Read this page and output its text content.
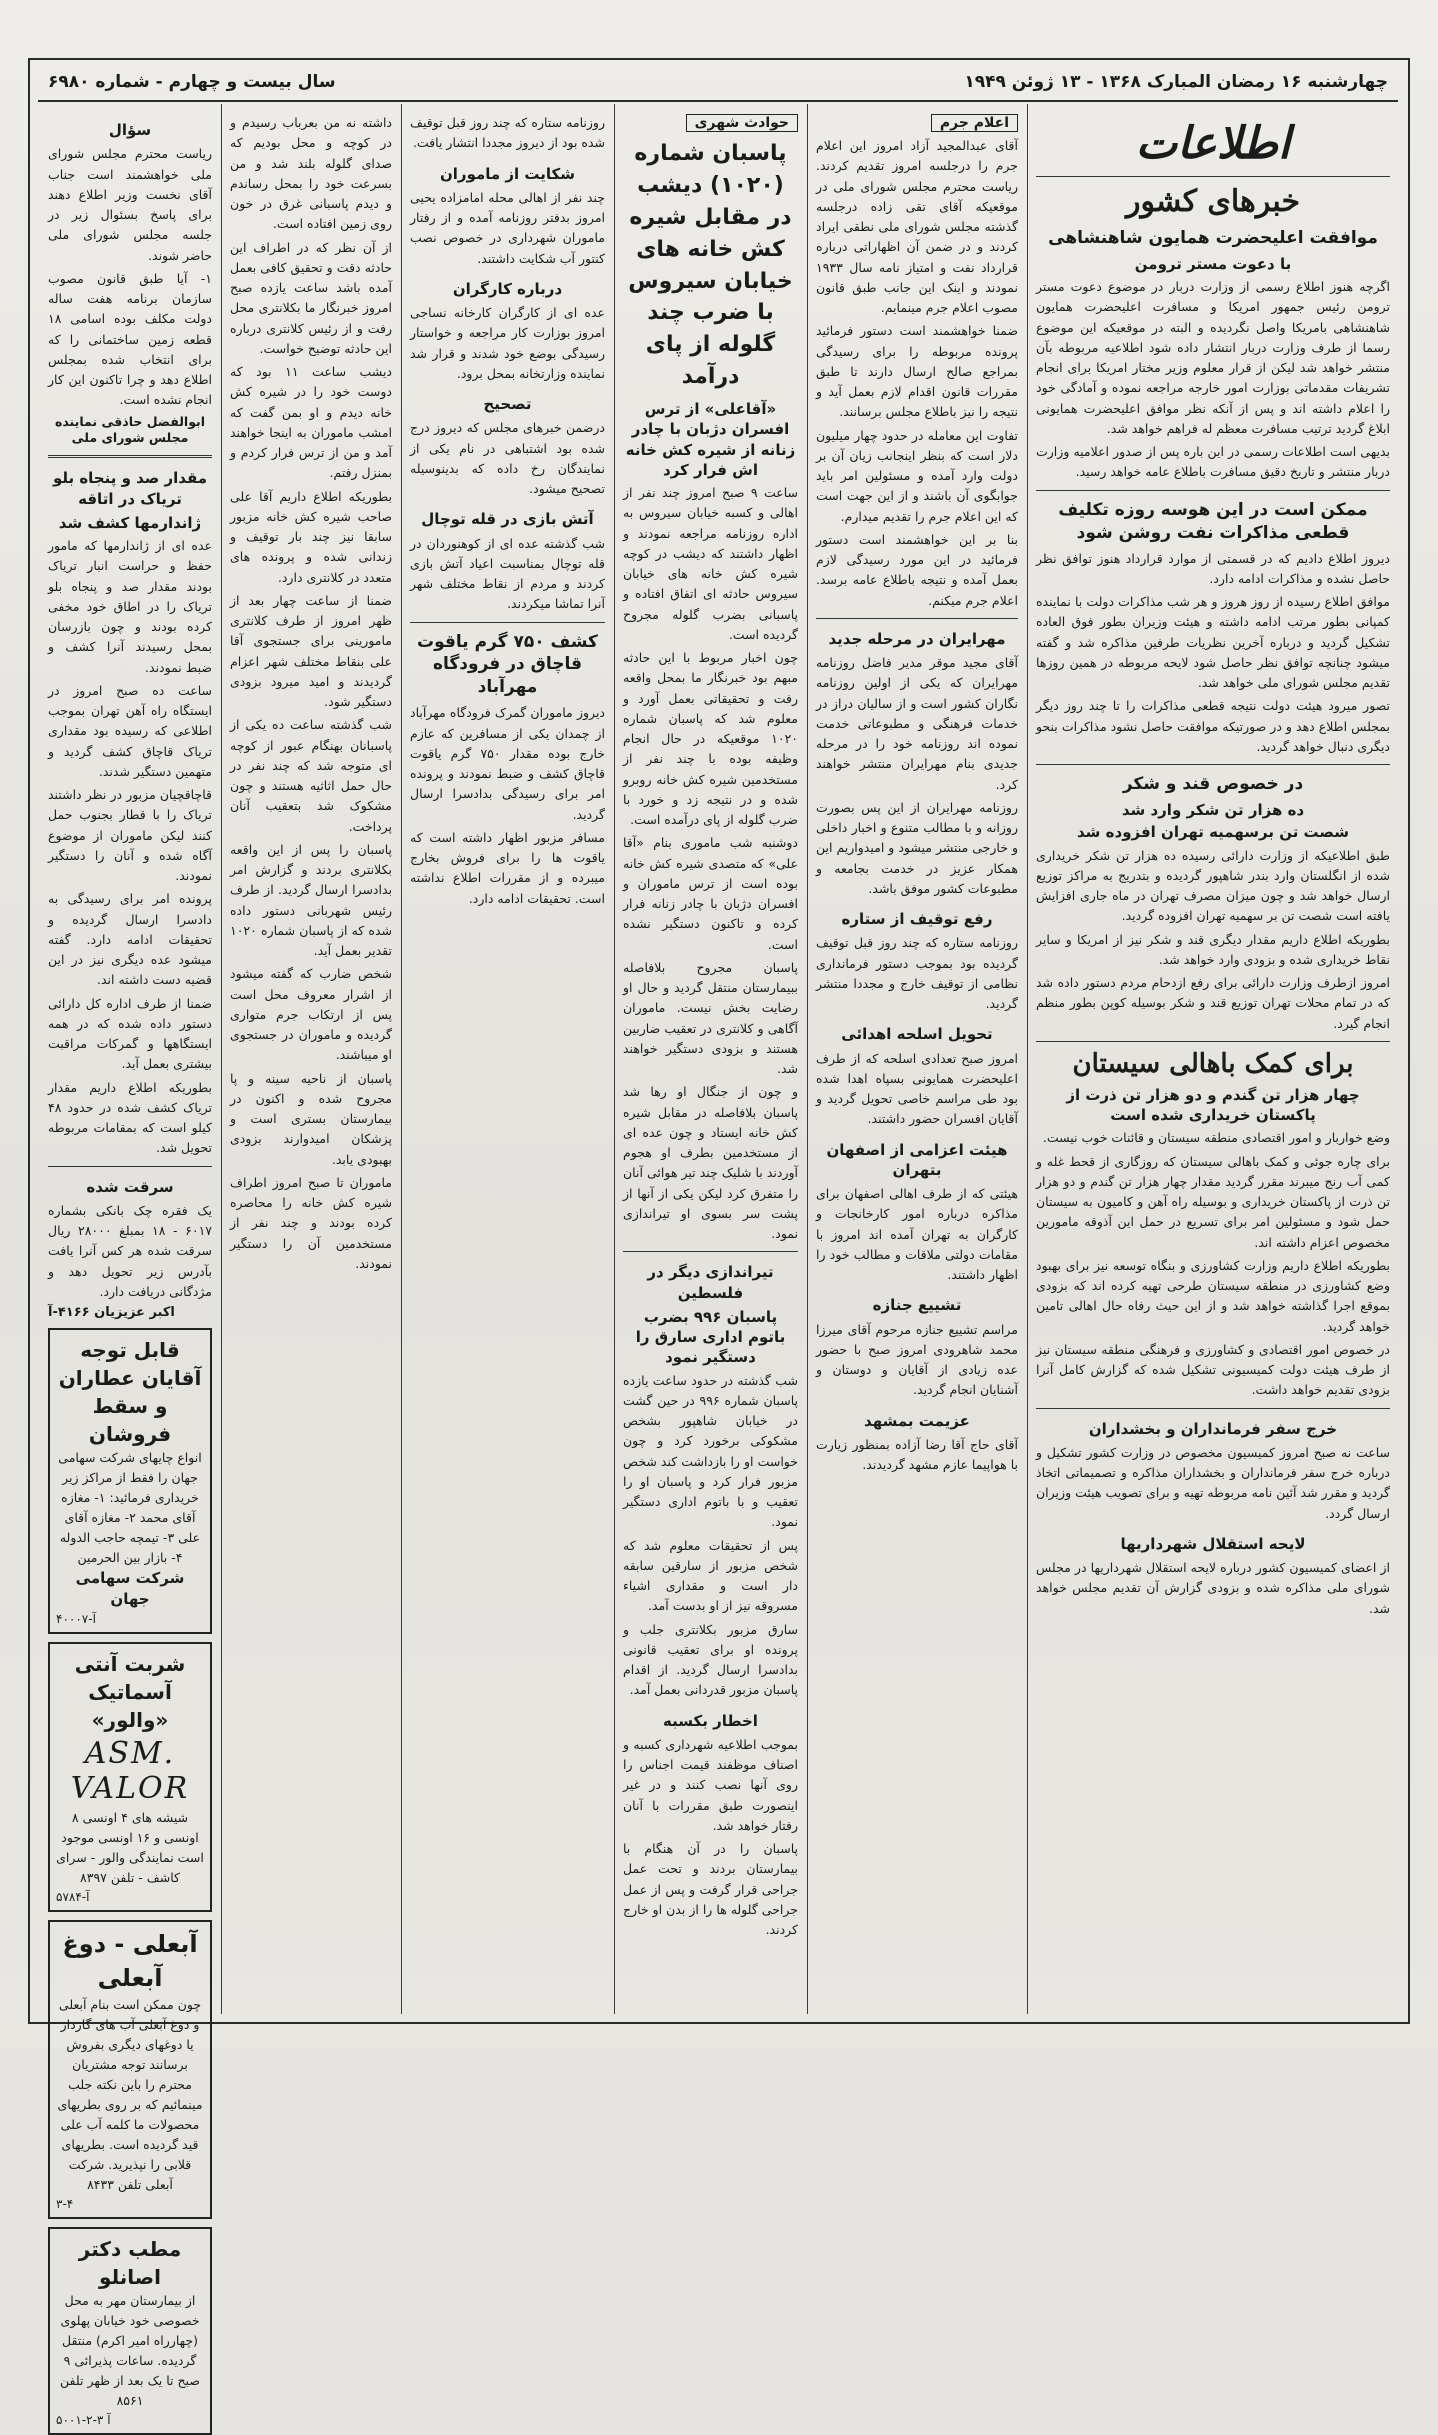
چهارشنبه ۱۶ رمضان المبارک ۱۳۶۸ - ۱۳ ژوئن ۱۹۴۹
سال بیست و چهارم - شماره ۶۹۸۰
اطلاعات
خبرهای کشور
موافقت اعلیحضرت همایون شاهنشاهی
با دعوت مستر ترومن

اگرچه هنوز اطلاع رسمی از وزارت دربار در موضوع دعوت مستر ترومن رئیس جمهور امریکا و مسافرت اعلیحضرت همایون شاهنشاهی بامریکا واصل نگردیده و البته در موقعیکه این موضوع رسما از طرف وزارت دربار انتشار داده شود اطلاعیه مربوطه بآن منتشر خواهد شد لیکن از قرار معلوم وزیر مختار امریکا برای انجام تشریفات مقدماتی بوزارت امور خارجه مراجعه نموده و آمادگی خود را اعلام داشته اند و پس از آنکه نظر موافق اعلیحضرت همایونی ابلاغ گردید ترتیب مسافرت معظم له فراهم خواهد شد.

بدیهی است اطلاعات رسمی در این باره پس از صدور اعلامیه وزارت دربار منتشر و تاریخ دقیق مسافرت باطلاع عامه خواهد رسید.

ممکن است در این هوسه روزه تکلیف قطعی مذاکرات نفت روشن شود

دیروز اطلاع دادیم که در قسمتی از موارد قرارداد هنوز توافق نظر حاصل نشده و مذاکرات ادامه دارد.

موافق اطلاع رسیده از روز هروز و هر شب مذاکرات دولت با نماینده کمپانی بطور مرتب ادامه داشته و هیئت وزیران بطور فوق العاده تشکیل گردید و درباره آخرین نظریات طرفین مذاکره شد و گفته میشود چنانچه توافق نظر حاصل شود لایحه مربوطه در همین روزها تقدیم مجلس شورای ملی خواهد شد.

تصور میرود هیئت دولت نتیجه قطعی مذاکرات را تا چند روز دیگر بمجلس اطلاع دهد و در صورتیکه موافقت حاصل نشود مذاکرات بنحو دیگری دنبال خواهد گردید.

در خصوص قند و شکر
ده هزار تن شکر وارد شد
شصت تن برسهمیه تهران افزوده شد

طبق اطلاعیکه از وزارت دارائی رسیده ده هزار تن شکر خریداری شده از انگلستان وارد بندر شاهپور گردیده و بتدریج به مراکز توزیع ارسال خواهد شد و چون میزان مصرف تهران در ماه جاری افزایش یافته است شصت تن بر سهمیه تهران افزوده گردید.

بطوریکه اطلاع داریم مقدار دیگری قند و شکر نیز از امریکا و سایر نقاط خریداری شده و بزودی وارد خواهد شد.

امروز ازطرف وزارت دارائی برای رفع ازدحام مردم دستور داده شد که در تمام محلات تهران توزیع قند و شکر بوسیله کوپن بطور منظم انجام گیرد.

برای کمک باهالی سیستان
چهار هزار تن گندم و دو هزار تن ذرت از پاکستان خریداری شده است

وضع خواربار و امور اقتصادی منطقه سیستان و قائنات خوب نیست.

برای چاره جوئی و کمک باهالی سیستان که روزگاری از قحط غله و کمی آب رنج میبرند مقرر گردید مقدار چهار هزار تن گندم و دو هزار تن ذرت از پاکستان خریداری و بوسیله راه آهن و کامیون به سیستان حمل شود و مسئولین امر برای تسریع در حمل این آذوقه مامورین مخصوص اعزام داشته اند.

بطوریکه اطلاع داریم وزارت کشاورزی و بنگاه توسعه نیز برای بهبود وضع کشاورزی در منطقه سیستان طرحی تهیه کرده اند که بزودی بموقع اجرا گذاشته خواهد شد و از این حیث رفاه حال اهالی تامین خواهد گردید.

در خصوص امور اقتصادی و کشاورزی و فرهنگی منطقه سیستان نیز از طرف هیئت دولت کمیسیونی تشکیل شده که گزارش کامل آنرا بزودی تقدیم خواهد داشت.

خرج سفر فرمانداران و بخشداران

ساعت نه صبح امروز کمیسیون مخصوص در وزارت کشور تشکیل و درباره خرج سفر فرمانداران و بخشداران مذاکره و تصمیماتی اتخاذ گردید و مقرر شد آئین نامه مربوطه تهیه و برای تصویب هیئت وزیران ارسال گردد.

لایحه استقلال شهرداریها

از اعضای کمیسیون کشور درباره لایحه استقلال شهرداریها در مجلس شورای ملی مذاکره شده و بزودی گزارش آن تقدیم مجلس خواهد شد.

اعلام جرم

آقای عبدالمجید آزاد امروز این اعلام جرم را درجلسه امروز تقدیم کردند. ریاست محترم مجلس شورای ملی در موقعیکه آقای تقی زاده درجلسه گذشته مجلس شورای ملی نطقی ایراد کردند و در ضمن آن اظهاراتی درباره قرارداد نفت و امتیاز نامه سال ۱۹۳۳ نمودند و اینک این جانب طبق قانون مصوب اعلام جرم مینمایم.

ضمنا خواهشمند است دستور فرمائید پرونده مربوطه را برای رسیدگی بمراجع صالح ارسال دارند تا طبق مقررات قانون اقدام لازم بعمل آید و نتیجه را نیز باطلاع مجلس برسانند.

تفاوت این معامله در حدود چهار میلیون دلار است که بنظر اینجانب زیان آن بر دولت وارد آمده و مسئولین امر باید جوابگوی آن باشند و از این جهت است که این اعلام جرم را تقدیم میدارم.

بنا بر این خواهشمند است دستور فرمائید در این مورد رسیدگی لازم بعمل آمده و نتیجه باطلاع عامه برسد. اعلام جرم میکنم.

مهرایران در مرحله جدید

آقای مجید موقر مدیر فاضل روزنامه مهرایران که یکی از اولین روزنامه نگاران کشور است و از سالیان دراز در خدمات فرهنگی و مطبوعاتی خدمت نموده اند روزنامه خود را در مرحله جدیدی بنام مهرایران منتشر خواهند کرد.

روزنامه مهرایران از این پس بصورت روزانه و با مطالب متنوع و اخبار داخلی و خارجی منتشر میشود و امیدواریم این همکار عزیز در خدمت بجامعه و مطبوعات کشور موفق باشد.

رفع توقیف از ستاره

روزنامه ستاره که چند روز قبل توقیف گردیده بود بموجب دستور فرمانداری نظامی از توقیف خارج و مجددا منتشر گردید.

تحویل اسلحه اهدائی

امروز صبح تعدادی اسلحه که از طرف اعلیحضرت همایونی بسپاه اهدا شده بود طی مراسم خاصی تحویل گردید و آقایان افسران حضور داشتند.

هیئت اعزامی از اصفهان بتهران

هیئتی که از طرف اهالی اصفهان برای مذاکره درباره امور کارخانجات و کارگران به تهران آمده اند امروز با مقامات دولتی ملاقات و مطالب خود را اظهار داشتند.

تشییع جنازه

مراسم تشییع جنازه مرحوم آقای میرزا محمد شاهرودی امروز صبح با حضور عده زیادی از آقایان و دوستان و آشنایان انجام گردید.

عزیمت بمشهد

آقای حاج آقا رضا آزاده بمنظور زیارت با هواپیما عازم مشهد گردیدند.

حوادث شهری
پاسبان شماره (۱۰۲۰) دیشب در مقابل شیره کش خانه های خیابان سیروس با ضرب چند گلوله از پای درآمد
«آقاعلی» از ترس افسران دژبان با چادر زنانه از شیره کش خانه اش فرار کرد

ساعت ۹ صبح امروز چند نفر از اهالی و کسبه خیابان سیروس به اداره روزنامه مراجعه نمودند و اظهار داشتند که دیشب در کوچه شیره کش خانه های خیابان سیروس حادثه ای اتفاق افتاده و پاسبانی بضرب گلوله مجروح گردیده است.

چون اخبار مربوط با این حادثه مبهم بود خبرنگار ما بمحل واقعه رفت و تحقیقاتی بعمل آورد و معلوم شد که پاسبان شماره ۱۰۲۰ موقعیکه در حال انجام وظیفه بوده با چند نفر از مستخدمین شیره کش خانه روبرو شده و در نتیجه زد و خورد با ضرب گلوله از پای درآمده است.

دوشنبه شب ماموری بنام «آقا علی» که متصدی شیره کش خانه بوده است از ترس ماموران و افسران دژبان با چادر زنانه فرار کرده و تاکنون دستگیر نشده است.

پاسبان مجروح بلافاصله ببیمارستان منتقل گردید و حال او رضایت بخش نیست. ماموران آگاهی و کلانتری در تعقیب ضاربین هستند و بزودی دستگیر خواهند شد.

و چون از جنگال او رها شد پاسبان بلافاصله در مقابل شیره کش خانه ایستاد و چون عده ای از مستخدمین بطرف او هجوم آوردند با شلیک چند تیر هوائی آنان را متفرق کرد لیکن یکی از آنها از پشت سر بسوی او تیراندازی نمود.

تیراندازی دیگر در فلسطین
پاسبان ۹۹۶ بضرب باتوم اداری سارق را دستگیر نمود

شب گذشته در حدود ساعت یازده پاسبان شماره ۹۹۶ در حین گشت در خیابان شاهپور بشخص مشکوکی برخورد کرد و چون خواست او را بازداشت کند شخص مزبور فرار کرد و پاسبان او را تعقیب و با باتوم اداری دستگیر نمود.

پس از تحقیقات معلوم شد که شخص مزبور از سارقین سابقه دار است و مقداری اشیاء مسروقه نیز از او بدست آمد.

سارق مزبور بکلانتری جلب و پرونده او برای تعقیب قانونی بدادسرا ارسال گردید. از اقدام پاسبان مزبور قدردانی بعمل آمد.

اخطار بکسبه

بموجب اطلاعیه شهرداری کسبه و اصناف موظفند قیمت اجناس را روی آنها نصب کنند و در غیر اینصورت طبق مقررات با آنان رفتار خواهد شد.

پاسبان را در آن هنگام با بیمارستان بردند و تحت عمل جراحی قرار گرفت و پس از عمل جراحی گلوله ها را از بدن او خارج کردند.

روزنامه ستاره که چند روز قبل توقیف شده بود از دیروز مجددا انتشار یافت.

شکایت از ماموران

چند نفر از اهالی محله امامزاده یحیی امروز بدفتر روزنامه آمده و از رفتار ماموران شهرداری در خصوص نصب کنتور آب شکایت داشتند.

درباره کارگران

عده ای از کارگران کارخانه نساجی امروز بوزارت کار مراجعه و خواستار رسیدگی بوضع خود شدند و قرار شد نماینده وزارتخانه بمحل برود.

تصحیح

درضمن خبرهای مجلس که دیروز درج شده بود اشتباهی در نام یکی از نمایندگان رخ داده که بدینوسیله تصحیح میشود.

آتش بازی در قله توچال

شب گذشته عده ای از کوهنوردان در قله توچال بمناسبت اعیاد آتش بازی کردند و مردم از نقاط مختلف شهر آنرا تماشا میکردند.

کشف ۷۵۰ گرم یاقوت قاچاق در فرودگاه مهرآباد

دیروز ماموران گمرک فرودگاه مهرآباد از چمدان یکی از مسافرین که عازم خارج بوده مقدار ۷۵۰ گرم یاقوت قاچاق کشف و ضبط نمودند و پرونده امر برای رسیدگی بدادسرا ارسال گردید.

مسافر مزبور اظهار داشته است که یاقوت ها را برای فروش بخارج میبرده و از مقررات اطلاع نداشته است. تحقیقات ادامه دارد.

داشته نه من بعرباب رسیدم و در کوچه و محل بودیم که صدای گلوله بلند شد و من بسرعت خود را بمحل رساندم و دیدم پاسبانی غرق در خون روی زمین افتاده است.

از آن نظر که در اطراف این حادثه دقت و تحقیق کافی بعمل آمده باشد ساعت یازده صبح امروز خبرنگار ما بکلانتری محل رفت و از رئیس کلانتری درباره این حادثه توضیح خواست.

دیشب ساعت ۱۱ بود که دوست خود را در شیره کش خانه دیدم و او بمن گفت که امشب ماموران به اینجا خواهند آمد و من از ترس فرار کردم و بمنزل رفتم.

بطوریکه اطلاع داریم آقا علی صاحب شیره کش خانه مزبور سابقا نیز چند بار توقیف و زندانی شده و پرونده های متعدد در کلانتری دارد.

ضمنا از ساعت چهار بعد از ظهر امروز از طرف کلانتری مامورینی برای جستجوی آقا علی بنقاط مختلف شهر اعزام گردیدند و امید میرود بزودی دستگیر شود.

شب گذشته ساعت ده یکی از پاسبانان بهنگام عبور از کوچه ای متوجه شد که چند نفر در حال حمل اثاثیه هستند و چون مشکوک شد بتعقیب آنان پرداخت.

پاسبان را پس از این واقعه بکلانتری بردند و گزارش امر بدادسرا ارسال گردید. از طرف رئیس شهربانی دستور داده شده که از پاسبان شماره ۱۰۲۰ تقدیر بعمل آید.

شخص ضارب که گفته میشود از اشرار معروف محل است پس از ارتکاب جرم متواری گردیده و ماموران در جستجوی او میباشند.

پاسبان از ناحیه سینه و پا مجروح شده و اکنون در بیمارستان بستری است و پزشکان امیدوارند بزودی بهبودی یابد.

ماموران تا صبح امروز اطراف شیره کش خانه را محاصره کرده بودند و چند نفر از مستخدمین آن را دستگیر نمودند.

سؤال

ریاست محترم مجلس شورای ملی خواهشمند است جناب آقای نخست وزیر اطلاع دهند برای پاسخ بسئوال زیر در جلسه مجلس شورای ملی حاضر شوند.

۱- آیا طبق قانون مصوب سازمان برنامه هفت ساله دولت مکلف بوده اسامی ۱۸ قطعه زمین ساختمانی را که برای انتخاب شده بمجلس اطلاع دهد و چرا تاکنون این کار انجام نشده است.

ابوالفضل حاذقی نماینده مجلس شورای ملی
مقدار صد و پنجاه بلو تریاک در اتاقه
ژاندارمها کشف شد

عده ای از ژاندارمها که مامور حفظ و حراست انبار تریاک بودند مقدار صد و پنجاه بلو تریاک را در اطاق خود مخفی کرده بودند و چون بازرسان بمحل رسیدند آنرا کشف و ضبط نمودند.

ساعت ده صبح امروز در ایستگاه راه آهن تهران بموجب اطلاعی که رسیده بود مقداری تریاک قاچاق کشف گردید و متهمین دستگیر شدند.

قاچاقچیان مزبور در نظر داشتند تریاک را با قطار بجنوب حمل کنند لیکن ماموران از موضوع آگاه شده و آنان را دستگیر نمودند.

پرونده امر برای رسیدگی به دادسرا ارسال گردیده و تحقیقات ادامه دارد. گفته میشود عده دیگری نیز در این قضیه دست داشته اند.

ضمنا از طرف اداره کل دارائی دستور داده شده که در همه ایستگاهها و گمرکات مراقبت بیشتری بعمل آید.

بطوریکه اطلاع داریم مقدار تریاک کشف شده در حدود ۴۸ کیلو است که بمقامات مربوطه تحویل شد.

سرقت شده

یک فقره چک بانکی بشماره ۶۰۱۷ - ۱۸ بمبلغ ۲۸۰۰۰ ریال سرقت شده هر کس آنرا یافت بآدرس زیر تحویل دهد و مژدگانی دریافت دارد.

اکبر عزیزیان ۴۱۶۶-آ
قابل توجه آقایان عطاران و سقط فروشان
انواع چایهای شرکت سهامی جهان را فقط از مراکز زیر خریداری فرمائید: ۱- مغازه آقای محمد ۲- مغازه آقای علی ۳- تیمچه حاجب الدوله ۴- بازار بین الحرمین
شرکت سهامی جهان
۴۰۰۰۷-آ
شربت آنتی آسماتیک «والور»
ASM. VALOR
شیشه های ۴ اونسی ۸ اونسی و ۱۶ اونسی موجود است نمایندگی والور - سرای کاشف - تلفن ۸۳۹۷
۵۷۸۴-آ
آبعلی - دوغ آبعلی
چون ممکن است بنام آبعلی و دوغ آبعلی آب های گازدار یا دوغهای دیگری بفروش برسانند توجه مشتریان محترم را باین نکته جلب مینمائیم که بر روی بطریهای محصولات ما کلمه آب علی قید گردیده است. بطریهای قلابی را نپذیرید. شرکت آبعلی تلفن ۸۴۳۳
۳-۴
مطب دکتر اصانلو
از بیمارستان مهر به محل خصوصی خود خیابان پهلوی (چهارراه امیر اکرم) منتقل گردیده. ساعات پذیرائی ۹ صبح تا یک بعد از ظهر تلفن ۸۵۶۱
۵۰۰۱-آ ۳-۲
